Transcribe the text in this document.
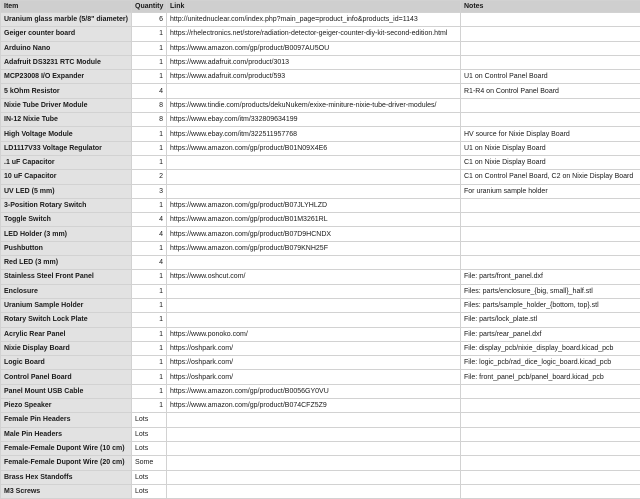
Item	Quantity	Link	Notes
Uranium glass marble (5/8" diameter)	6	http://unitednuclear.com/index.php?main_page=product_info&products_id=1143	
Geiger counter board	1	https://rhelectronics.net/store/radiation-detector-geiger-counter-diy-kit-second-edition.html	
Arduino Nano	1	https://www.amazon.com/gp/product/B0097AU5OU	
Adafruit DS3231 RTC Module	1	https://www.adafruit.com/product/3013	
MCP23008 I/O Expander	1	https://www.adafruit.com/product/593	U1 on Control Panel Board
5 kOhm Resistor	4		R1-R4 on Control Panel Board
Nixie Tube Driver Module	8	https://www.tindie.com/products/dekuNukem/exixe-miniture-nixie-tube-driver-modules/	
IN-12 Nixie Tube	8	https://www.ebay.com/itm/332809634199	
High Voltage Module	1	https://www.ebay.com/itm/322511957768	HV source for Nixie Display Board
LD1117V33 Voltage Regulator	1	https://www.amazon.com/gp/product/B01N09X4E6	U1 on Nixie Display Board
.1 uF Capacitor	1		C1 on Nixie Display Board
10 uF Capacitor	2		C1 on Control Panel Board, C2 on Nixie Display Board
UV LED (5 mm)	3		For uranium sample holder
3-Position Rotary Switch	1	https://www.amazon.com/gp/product/B07JLYHLZD	
Toggle Switch	4	https://www.amazon.com/gp/product/B01M3261RL	
LED Holder (3 mm)	4	https://www.amazon.com/gp/product/B07D9HCNDX	
Pushbutton	1	https://www.amazon.com/gp/product/B079KNH25F	
Red LED (3 mm)	4		
Stainless Steel Front Panel	1	https://www.oshcut.com/	File: parts/front_panel.dxf
Enclosure	1		Files: parts/enclosure_{big, small}_half.stl
Uranium Sample Holder	1		Files: parts/sample_holder_{bottom, top}.stl
Rotary Switch Lock Plate	1		File: parts/lock_plate.stl
Acrylic Rear Panel	1	https://www.ponoko.com/	File: parts/rear_panel.dxf
Nixie Display Board	1	https://oshpark.com/	File: display_pcb/nixie_display_board.kicad_pcb
Logic Board	1	https://oshpark.com/	File: logic_pcb/rad_dice_logic_board.kicad_pcb
Control Panel Board	1	https://oshpark.com/	File: front_panel_pcb/panel_board.kicad_pcb
Panel Mount USB Cable	1	https://www.amazon.com/gp/product/B0056GY0VU	
Piezo Speaker	1	https://www.amazon.com/gp/product/B074CFZ5Z9	
Female Pin Headers	Lots		
Male Pin Headers	Lots		
Female-Female Dupont Wire (10 cm)	Lots		
Female-Female Dupont Wire (20 cm)	Some		
Brass Hex Standoffs	Lots		
M3 Screws	Lots		
